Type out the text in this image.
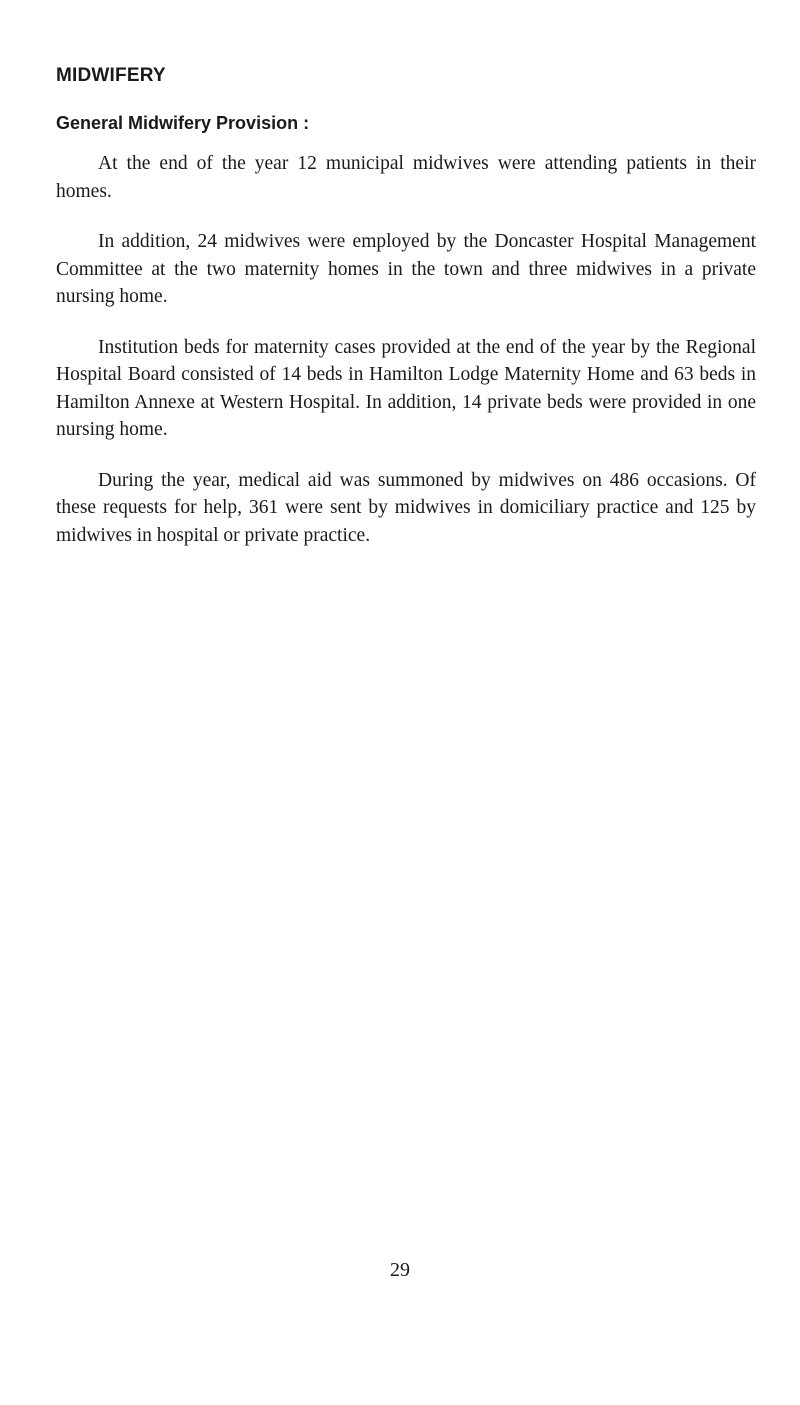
MIDWIFERY
General Midwifery Provision :

At the end of the year 12 municipal midwives were attending patients in their homes.

In addition, 24 midwives were employed by the Doncaster Hospital Management Committee at the two maternity homes in the town and three midwives in a private nursing home.

Institution beds for maternity cases provided at the end of the year by the Regional Hospital Board consisted of 14 beds in Hamilton Lodge Maternity Home and 63 beds in Hamilton Annexe at Western Hospital. In addition, 14 private beds were provided in one nursing home.

During the year, medical aid was summoned by midwives on 486 occasions. Of these requests for help, 361 were sent by midwives in domiciliary practice and 125 by midwives in hospital or private practice.

29
